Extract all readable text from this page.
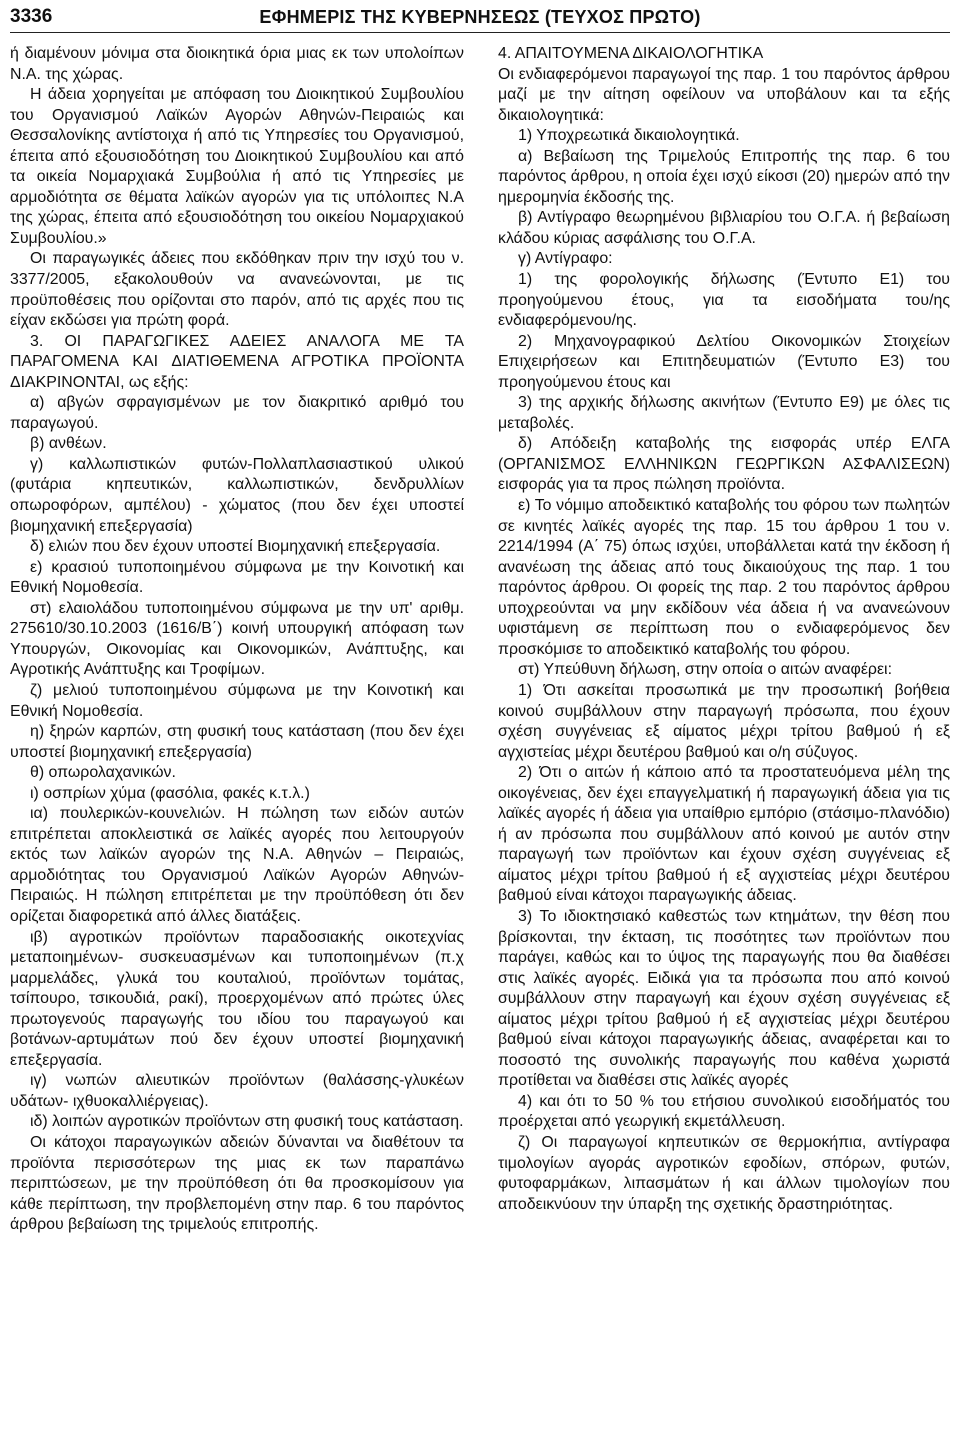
3336	ΕΦΗΜΕΡΙΣ ΤΗΣ ΚΥΒΕΡΝΗΣΕΩΣ (ΤΕΥΧΟΣ ΠΡΩΤΟ)

ή διαμένουν μόνιμα στα διοικητικά όρια μιας εκ των υπολοίπων Ν.Α. της χώρας.

Η άδεια χορηγείται με απόφαση του Διοικητικού Συμβουλίου του Οργανισμού Λαϊκών Αγορών Αθηνών-Πειραιώς και Θεσσαλονίκης αντίστοιχα ή από τις Υπηρεσίες του Οργανισμού, έπειτα από εξουσιοδότηση του Διοικητικού Συμβουλίου και από τα οικεία Νομαρχιακά Συμβούλια ή από τις Υπηρεσίες με αρμοδιότητα σε θέματα λαϊκών αγορών για τις υπόλοιπες Ν.Α της χώρας, έπειτα από εξουσιοδότηση του οικείου Νομαρχιακού Συμβουλίου.»

Οι παραγωγικές άδειες που εκδόθηκαν πριν την ισχύ του ν. 3377/2005, εξακολουθούν να ανανεώνονται, με τις προϋποθέσεις που ορίζονται στο παρόν, από τις αρχές που τις είχαν εκδώσει για πρώτη φορά.

3. ΟΙ ΠΑΡΑΓΩΓΙΚΕΣ ΑΔΕΙΕΣ ΑΝΑΛΟΓΑ ΜΕ ΤΑ ΠΑΡΑΓΟΜΕΝΑ ΚΑΙ ΔΙΑΤΙΘΕΜΕΝΑ ΑΓΡΟΤΙΚΑ ΠΡΟΪΟΝΤΑ ΔΙΑΚΡΙΝΟΝΤΑΙ, ως εξής:

α) αβγών σφραγισμένων με τον διακριτικό αριθμό του παραγωγού.

β) ανθέων.

γ) καλλωπιστικών φυτών-Πολλαπλασιαστικού υλικού (φυτάρια κηπευτικών, καλλωπιστικών, δενδρυλλίων οπωροφόρων, αμπέλου) - χώματος (που δεν έχει υποστεί βιομηχανική επεξεργασία)

δ) ελιών που δεν έχουν υποστεί Βιομηχανική επεξεργασία.

ε) κρασιού τυποποιημένου σύμφωνα με την Κοινοτική και Εθνική Νομοθεσία.

στ) ελαιολάδου τυποποιημένου σύμφωνα με την υπ' αριθμ. 275610/30.10.2003 (1616/Β΄) κοινή υπουργική απόφαση των Υπουργών, Οικονομίας και Οικονομικών, Ανάπτυξης, και Αγροτικής Ανάπτυξης και Τροφίμων.

ζ) μελιού τυποποιημένου σύμφωνα με την Κοινοτική και Εθνική Νομοθεσία.

η) ξηρών καρπών, στη φυσική τους κατάσταση (που δεν έχει υποστεί βιομηχανική επεξεργασία)

θ) οπωρολαχανικών.

ι) οσπρίων χύμα (φασόλια, φακές κ.τ.λ.)

ια) πουλερικών-κουνελιών. Η πώληση των ειδών αυτών επιτρέπεται αποκλειστικά σε λαϊκές αγορές που λειτουργούν εκτός των λαϊκών αγορών της Ν.Α. Αθηνών – Πειραιώς, αρμοδιότητας του Οργανισμού Λαϊκών Αγορών Αθηνών-Πειραιώς. Η πώληση επιτρέπεται με την προϋπόθεση ότι δεν ορίζεται διαφορετικά από άλλες διατάξεις.

ιβ) αγροτικών προϊόντων παραδοσιακής οικοτεχνίας μεταποιημένων- συσκευασμένων και τυποποιημένων (π.χ μαρμελάδες, γλυκά του κουταλιού, προϊόντων τομάτας, τσίπουρο, τσικουδιά, ρακί), προερχομένων από πρώτες ύλες πρωτογενούς παραγωγής του ιδίου του παραγωγού και βοτάνων-αρτυμάτων πού δεν έχουν υποστεί βιομηχανική επεξεργασία.

ιγ) νωπών αλιευτικών προϊόντων (θαλάσσης-γλυκέων υδάτων- ιχθυοκαλλιέργειας).

ιδ) λοιπών αγροτικών προϊόντων στη φυσική τους κατάσταση.

Οι κάτοχοι παραγωγικών αδειών δύνανται να διαθέτουν τα προϊόντα περισσότερων της μιας εκ των παραπάνω περιπτώσεων, με την προϋπόθεση ότι θα προσκομίσουν για κάθε περίπτωση, την προβλεπομένη στην παρ. 6 του παρόντος άρθρου βεβαίωση της τριμελούς επιτροπής.

4. ΑΠΑΙΤΟΥΜΕΝΑ ΔΙΚΑΙΟΛΟΓΗΤΙΚΑ

Οι ενδιαφερόμενοι παραγωγοί της παρ. 1 του παρόντος άρθρου μαζί με την αίτηση οφείλουν να υποβάλουν και τα εξής δικαιολογητικά:

1) Υποχρεωτικά δικαιολογητικά.

α) Βεβαίωση της Τριμελούς Επιτροπής της παρ. 6 του παρόντος άρθρου, η οποία έχει ισχύ είκοσι (20) ημερών από την ημερομηνία έκδοσής της.

β) Αντίγραφο θεωρημένου βιβλιαρίου του Ο.Γ.Α. ή βεβαίωση κλάδου κύριας ασφάλισης του Ο.Γ.Α.

γ) Αντίγραφο:

1) της φορολογικής δήλωσης (Έντυπο Ε1) του προηγούμενου έτους, για τα εισοδήματα του/ης ενδιαφερόμενου/ης.

2) Μηχανογραφικού Δελτίου Οικονομικών Στοιχείων Επιχειρήσεων και Επιτηδευματιών (Έντυπο Ε3) του προηγούμενου έτους και

3) της αρχικής δήλωσης ακινήτων (Έντυπο Ε9) με όλες τις μεταβολές.

δ) Απόδειξη καταβολής της εισφοράς υπέρ ΕΛΓΑ (ΟΡΓΑΝΙΣΜΟΣ ΕΛΛΗΝΙΚΩΝ ΓΕΩΡΓΙΚΩΝ ΑΣΦΑΛΙΣΕΩΝ) εισφοράς για τα προς πώληση προϊόντα.

ε) Το νόμιμο αποδεικτικό καταβολής του φόρου των πωλητών σε κινητές λαϊκές αγορές της παρ. 15 του άρθρου 1 του ν. 2214/1994 (Α΄ 75) όπως ισχύει, υποβάλλεται κατά την έκδοση ή ανανέωση της άδειας από τους δικαιούχους της παρ. 1 του παρόντος άρθρου. Οι φορείς της παρ. 2 του παρόντος άρθρου υποχρεούνται να μην εκδίδουν νέα άδεια ή να ανανεώνουν υφιστάμενη σε περίπτωση που ο ενδιαφερόμενος δεν προσκόμισε το αποδεικτικό καταβολής του φόρου.

στ) Υπεύθυνη δήλωση, στην οποία ο αιτών αναφέρει:

1) Ότι ασκείται προσωπικά με την προσωπική βοήθεια κοινού συμβάλλουν στην παραγωγή πρόσωπα, που έχουν σχέση συγγένειας εξ αίματος μέχρι τρίτου βαθμού ή εξ αγχιστείας μέχρι δευτέρου βαθμού και ο/η σύζυγος.

2) Ότι ο αιτών ή κάποιο από τα προστατευόμενα μέλη της οικογένειας, δεν έχει επαγγελματική ή παραγωγική άδεια για τις λαϊκές αγορές ή άδεια για υπαίθριο εμπόριο (στάσιμο-πλανόδιο) ή αν πρόσωπα που συμβάλλουν από κοινού με αυτόν στην παραγωγή των προϊόντων και έχουν σχέση συγγένειας εξ αίματος μέχρι τρίτου βαθμού ή εξ αγχιστείας μέχρι δευτέρου βαθμού είναι κάτοχοι παραγωγικής άδειας.

3) Το ιδιοκτησιακό καθεστώς των κτημάτων, την θέση που βρίσκονται, την έκταση, τις ποσότητες των προϊόντων που παράγει, καθώς και το ύψος της παραγωγής που θα διαθέσει στις λαϊκές αγορές. Ειδικά για τα πρόσωπα που από κοινού συμβάλλουν στην παραγωγή και έχουν σχέση συγγένειας εξ αίματος μέχρι τρίτου βαθμού ή εξ αγχιστείας μέχρι δευτέρου βαθμού είναι κάτοχοι παραγωγικής άδειας, αναφέρεται και το ποσοστό της συνολικής παραγωγής που καθένα χωριστά προτίθεται να διαθέσει στις λαϊκές αγορές

4) και ότι το 50 % του ετήσιου συνολικού εισοδήματός του προέρχεται από γεωργική εκμετάλλευση.

ζ) Οι παραγωγοί κηπευτικών σε θερμοκήπια, αντίγραφα τιμολογίων αγοράς αγροτικών εφοδίων, σπόρων, φυτών, φυτοφαρμάκων, λιπασμάτων ή και άλλων τιμολογίων που αποδεικνύουν την ύπαρξη της σχετικής δραστηριότητας.
